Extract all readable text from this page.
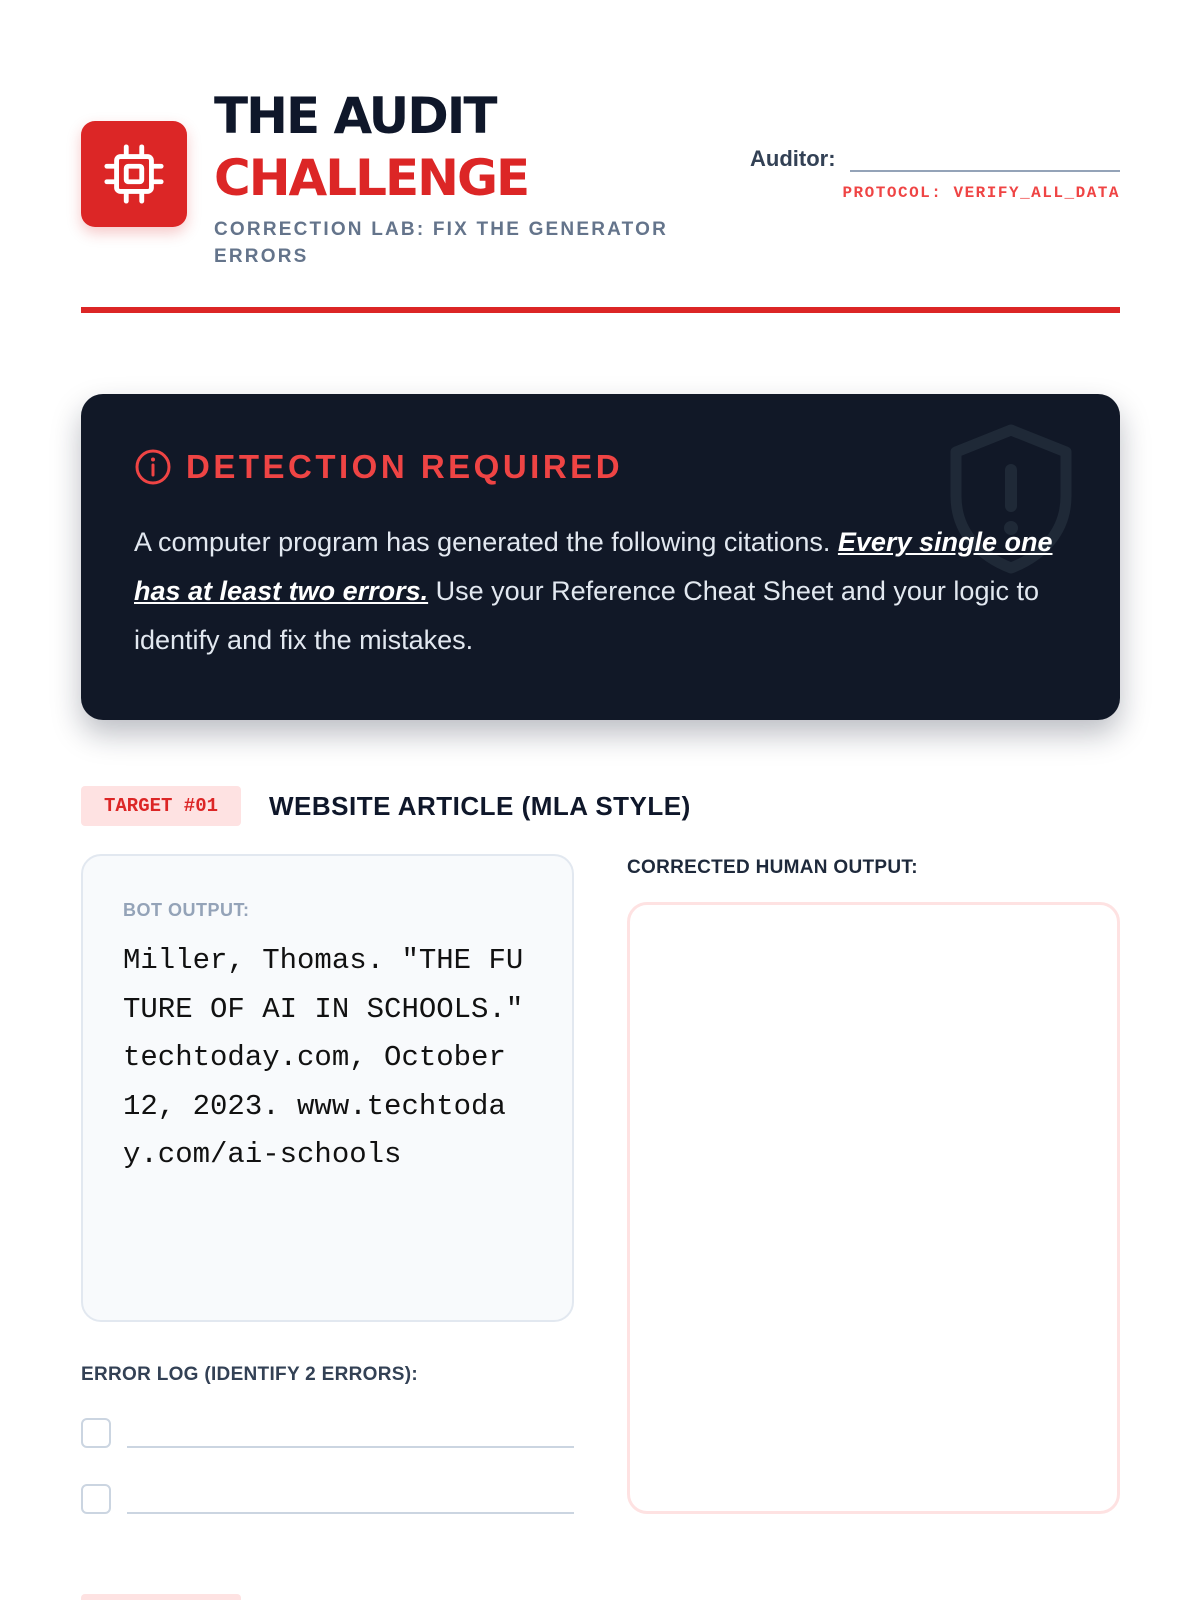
THE AUDIT
CHALLENGE
CORRECTION LAB: FIX THE GENERATOR ERRORS
Auditor:
PROTOCOL: VERIFY_ALL_DATA
DETECTION REQUIRED

A computer program has generated the following citations. Every single one has at least two errors. Use your Reference Cheat Sheet and your logic to identify and fix the mistakes.

TARGET #01	WEBSITE ARTICLE (MLA STYLE)
BOT OUTPUT:
Miller, Thomas. "THE FUTURE OF AI IN SCHOOLS." techtoday.com, October 12, 2023. www.techtoday.com/ai-schools
CORRECTED HUMAN OUTPUT:
ERROR LOG (IDENTIFY 2 ERRORS):
